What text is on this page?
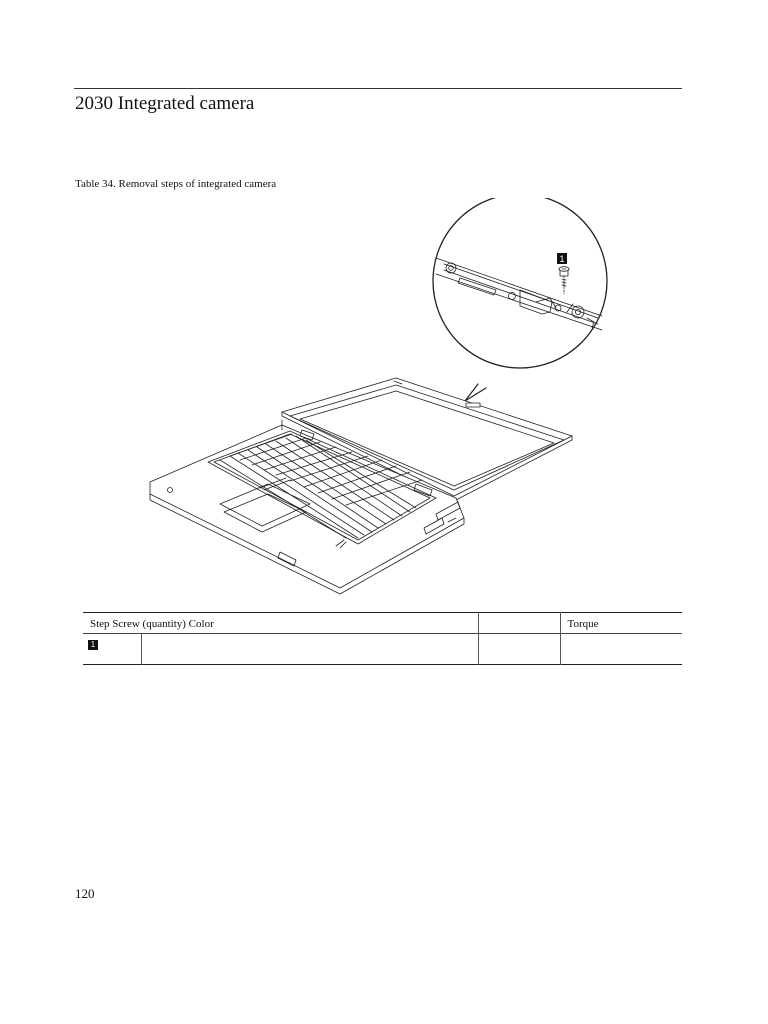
2030 Integrated camera
Table 34. Removal steps of integrated camera
1
Step Screw (quantity) Color			Torque
1			
120
